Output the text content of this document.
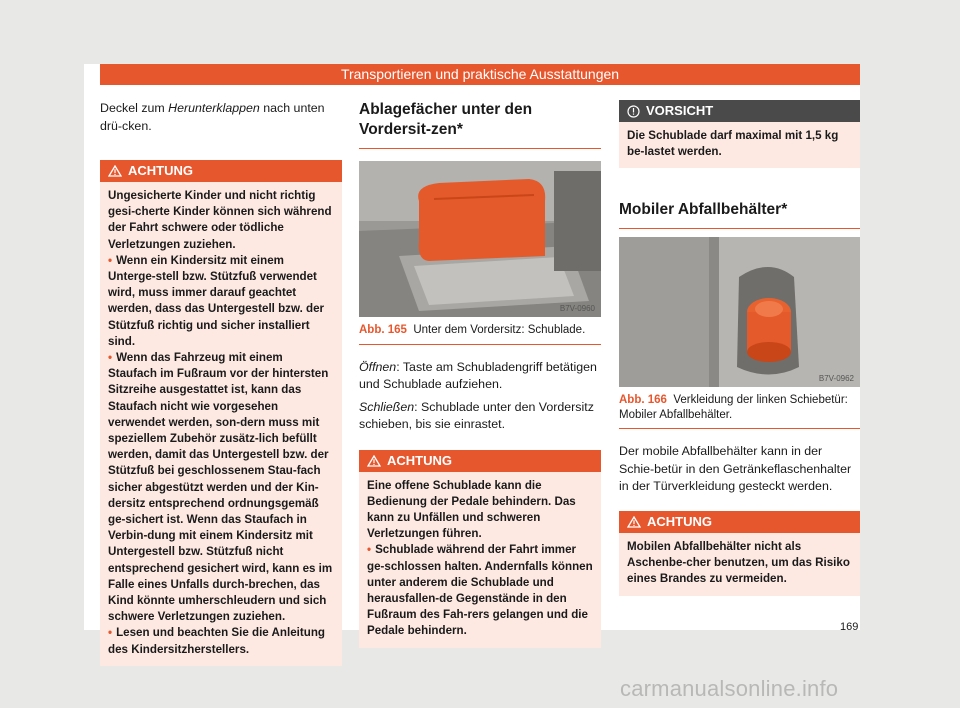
Transportieren und praktische Ausstattungen

Deckel zum Herunterklappen nach unten drü-cken.

ACHTUNG

Ungesicherte Kinder und nicht richtig gesi-cherte Kinder können sich während der Fahrt schwere oder tödliche Verletzungen zuziehen.

• Wenn ein Kindersitz mit einem Unterge-stell bzw. Stützfuß verwendet wird, muss immer darauf geachtet werden, dass das Untergestell bzw. der Stützfuß richtig und sicher installiert sind.

• Wenn das Fahrzeug mit einem Staufach im Fußraum vor der hintersten Sitzreihe ausgestattet ist, kann das Staufach nicht wie vorgesehen verwendet werden, son-dern muss mit speziellem Zubehör zusätz-lich befüllt werden, damit das Untergestell bzw. der Stützfuß bei geschlossenem Stau-fach sicher abgestützt werden und der Kin-dersitz entsprechend ordnungsgemäß ge-sichert ist. Wenn das Staufach in Verbin-dung mit einem Kindersitz mit Untergestell bzw. Stützfuß nicht entsprechend gesichert wird, kann es im Falle eines Unfalls durch-brechen, das Kind könnte umherschleudern und sich schwere Verletzungen zuziehen.

• Lesen und beachten Sie die Anleitung des Kindersitzherstellers.

Ablagefächer unter den Vordersit-zen*
B7V-0960
Abb. 165 Unter dem Vordersitz: Schublade.

Öffnen: Taste am Schubladengriff betätigen und Schublade aufziehen.

Schließen: Schublade unter den Vordersitz schieben, bis sie einrastet.

ACHTUNG

Eine offene Schublade kann die Bedienung der Pedale behindern. Das kann zu Unfällen und schweren Verletzungen führen.

• Schublade während der Fahrt immer ge-schlossen halten. Andernfalls können unter anderem die Schublade und herausfallen-de Gegenstände in den Fußraum des Fah-rers gelangen und die Pedale behindern.

VORSICHT

Die Schublade darf maximal mit 1,5 kg be-lastet werden.

Mobiler Abfallbehälter*
B7V-0962
Abb. 166 Verkleidung der linken Schiebetür: Mobiler Abfallbehälter.

Der mobile Abfallbehälter kann in der Schie-betür in den Getränkeflaschenhalter in der Türverkleidung gesteckt werden.

ACHTUNG

Mobilen Abfallbehälter nicht als Aschenbe-cher benutzen, um das Risiko eines Brandes zu vermeiden.

169
carmanualsonline.info
